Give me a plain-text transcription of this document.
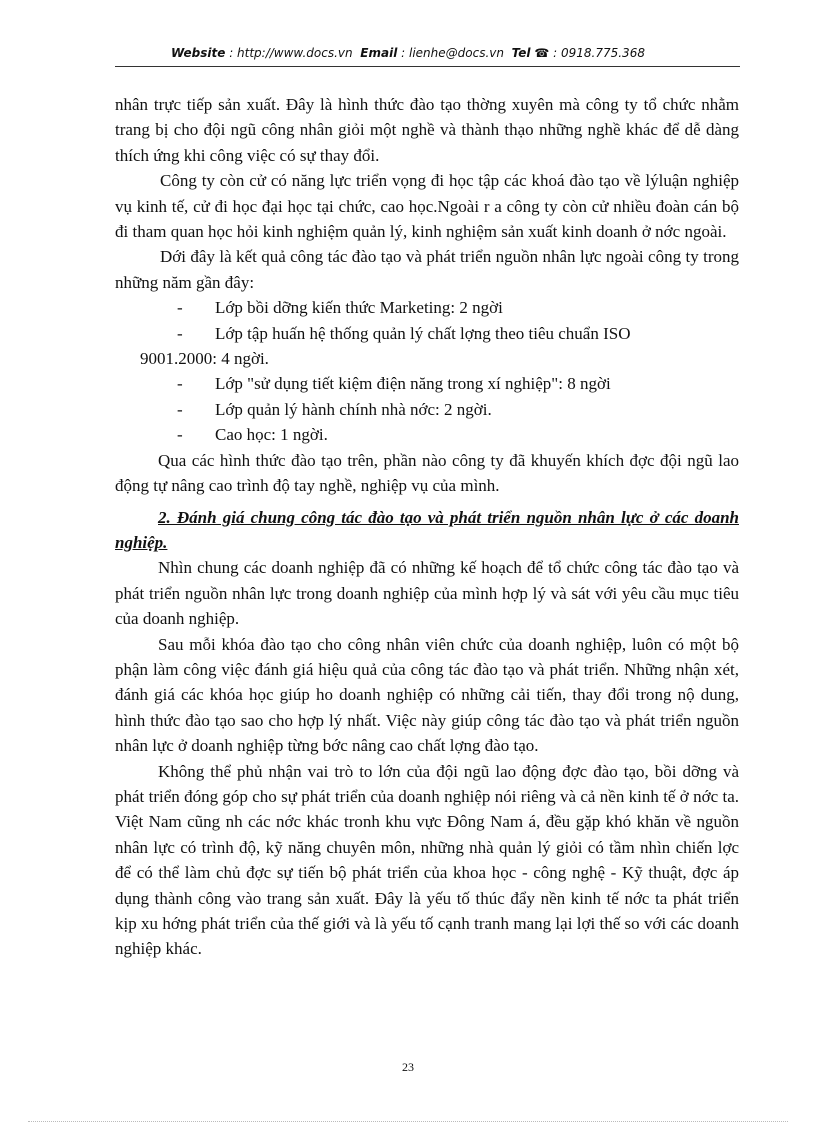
Website : http://www.docs.vn Email : lienhe@docs.vn Tel ☎ : 0918.775.368

nhân trực tiếp sản xuất. Đây là hình thức đào tạo thờng xuyên mà công ty tổ chức nhằm trang bị cho đội ngũ công nhân giỏi một nghề và thành thạo những nghề khác để dễ dàng thích ứng khi công việc có sự thay đổi.

Công ty còn cử có năng lực triển vọng đi học tập các khoá đào tạo về lýluận nghiệp vụ kinh tế, cử đi học đại học tại chức, cao học.Ngoài r a công ty còn cử nhiều đoàn cán bộ đi tham quan học hỏi kinh nghiệm quản lý, kinh nghiệm sản xuất kinh doanh ở nớc ngoài.

Dới đây là kết quả công tác đào tạo và phát triển nguồn nhân lực ngoài công ty trong những năm gần đây:

-	Lớp bồi dỡng kiến thức Marketing: 2 ngời
-	Lớp tập huấn hệ thống quản lý chất lợng theo tiêu chuẩn ISO

9001.2000: 4 ngời.

-	Lớp "sử dụng tiết kiệm điện năng trong xí nghiệp": 8 ngời
-	Lớp quản lý hành chính nhà nớc: 2 ngời.
-	Cao học: 1 ngời.

Qua các hình thức đào tạo trên, phần nào công ty đã khuyến khích đợc đội ngũ lao động tự nâng cao trình độ tay nghề, nghiệp vụ của mình.

2. Đánh giá chung công tác đào tạo và phát triển nguồn nhân lực ở các doanh nghiệp.

Nhìn chung các doanh nghiệp đã có những kế hoạch để tổ chức công tác đào tạo và phát triển nguồn nhân lực trong doanh nghiệp của mình hợp lý và sát với yêu cầu mục tiêu của doanh nghiệp.

Sau mỗi khóa đào tạo cho công nhân viên chức của doanh nghiệp, luôn có một bộ phận làm công việc đánh giá hiệu quả của công tác đào tạo và phát triển. Những nhận xét, đánh giá các khóa học giúp ho doanh nghiệp có những cải tiến, thay đổi trong nộ dung, hình thức đào tạo sao cho hợp lý nhất. Việc này giúp công tác đào tạo và phát triển nguồn nhân lực ở doanh nghiệp từng bớc nâng cao chất lợng đào tạo.

Không thể phủ nhận vai trò to lớn của đội ngũ lao động đợc đào tạo, bồi dỡng và phát triển đóng góp cho sự phát triển của doanh nghiệp nói riêng và cả nền kinh tế ở nớc ta. Việt Nam cũng nh các nớc khác tronh khu vực Đông Nam á, đều gặp khó khăn về nguồn nhân lực có trình độ, kỹ năng chuyên môn, những nhà quản lý giỏi có tầm nhìn chiến lợc để có thể làm chủ đợc sự tiến bộ phát triển của khoa học - công nghệ - Kỹ thuật, đợc áp dụng thành công vào trang sản xuất. Đây là yếu tố thúc đẩy nền kinh tế nớc ta phát triển kịp xu hớng phát triển của thế giới và là yếu tố cạnh tranh mang lại lợi thế so với các doanh nghiệp khác.

23
